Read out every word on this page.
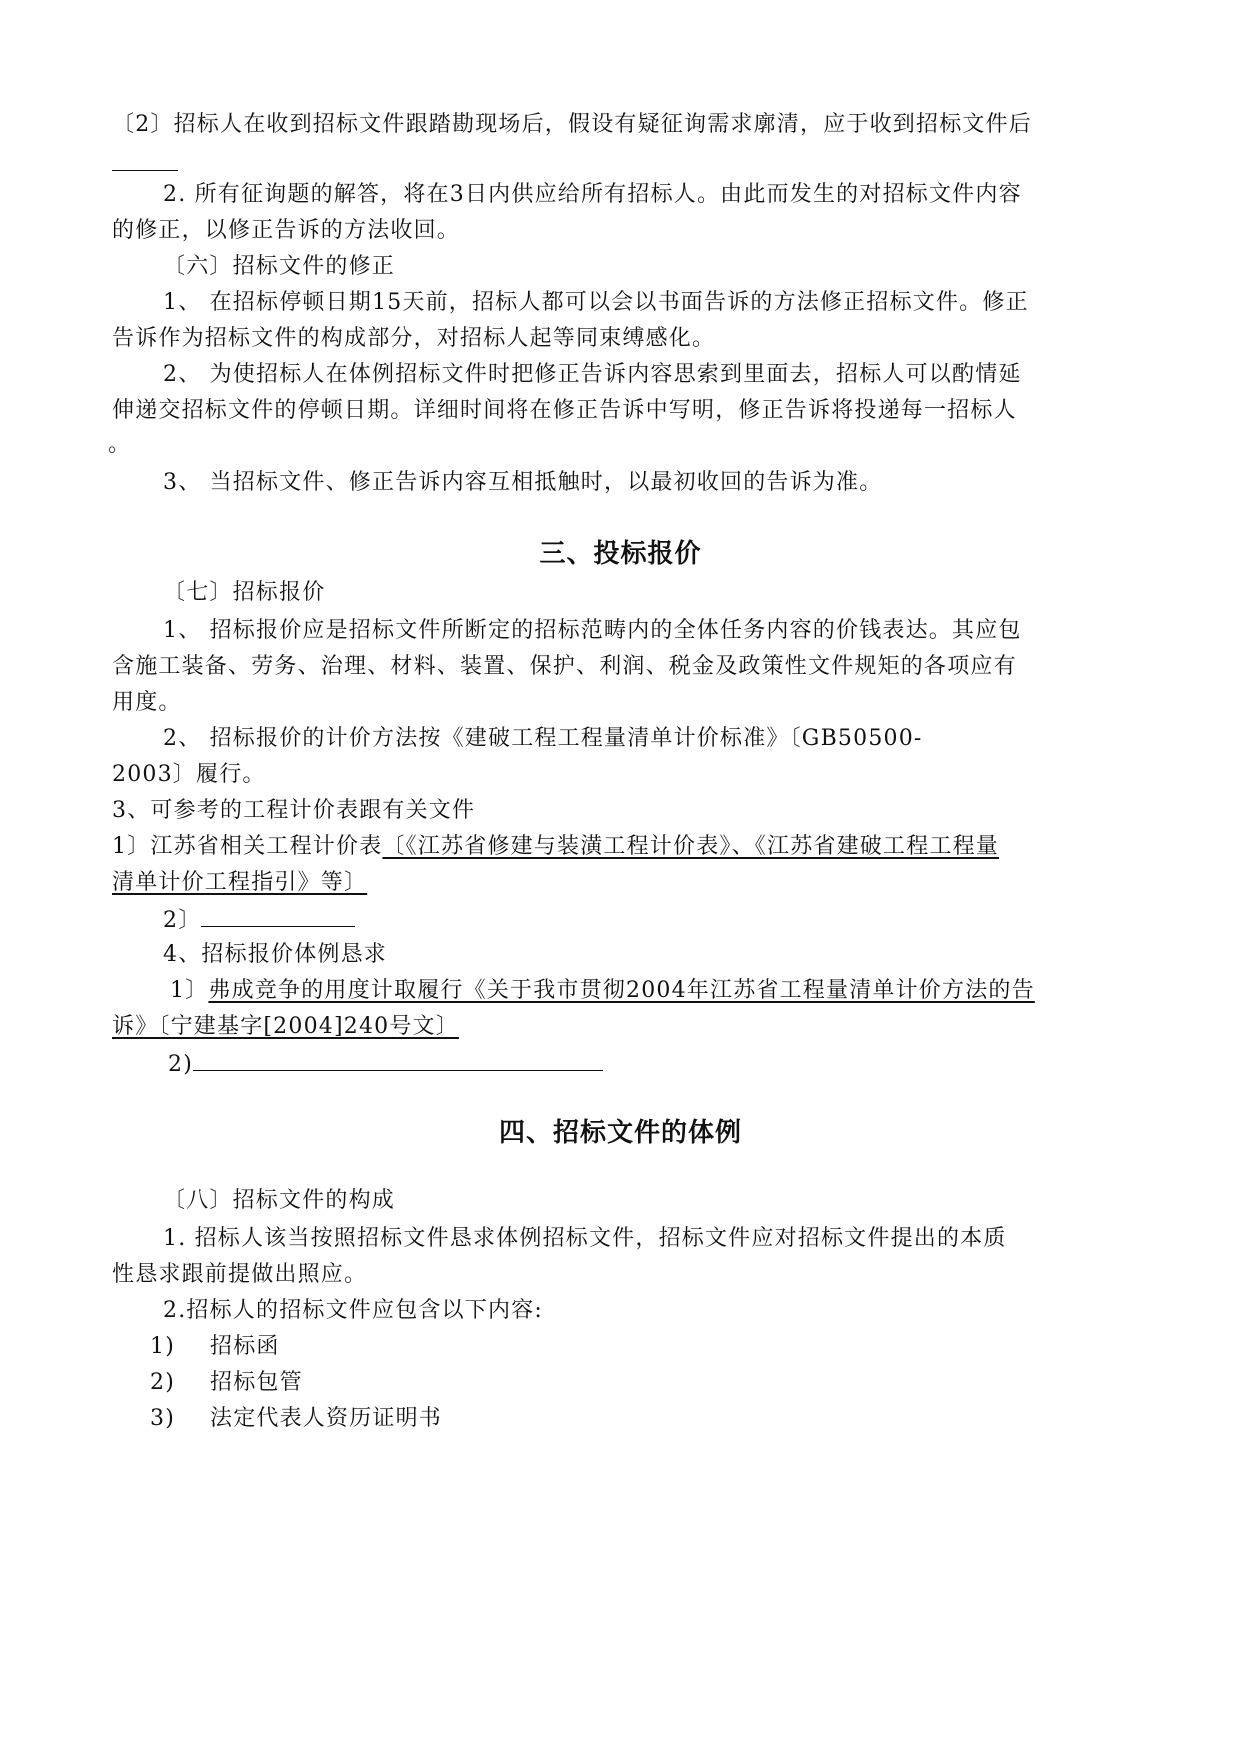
〔2〕招标人在收到招标文件跟踏勘现场后，假设有疑征询需求廓清，应于收到招标文件后
2. 所有征询题的解答，将在3日内供应给所有招标人。由此而发生的对招标文件内容
的修正，以修正告诉的方法收回。
〔六〕招标文件的修正
1、 在招标停顿日期15天前，招标人都可以会以书面告诉的方法修正招标文件。修正
告诉作为招标文件的构成部分，对招标人起等同束缚感化。
2、 为使招标人在体例招标文件时把修正告诉内容思索到里面去，招标人可以酌情延
伸递交招标文件的停顿日期。详细时间将在修正告诉中写明，修正告诉将投递每一招标人
。
3、 当招标文件、修正告诉内容互相抵触时，以最初收回的告诉为准。
三、投标报价
〔七〕招标报价
1、 招标报价应是招标文件所断定的招标范畴内的全体任务内容的价钱表达。其应包
含施工装备、劳务、治理、材料、装置、保护、利润、税金及政策性文件规矩的各项应有
用度。
2、 招标报价的计价方法按《建破工程工程量清单计价标准》〔GB50500-
2003〕履行。
3、可参考的工程计价表跟有关文件
1〕江苏省相关工程计价表〔《江苏省修建与装潢工程计价表》、《江苏省建破工程工程量
清单计价工程指引》等〕
2〕
4、招标报价体例恳求
1〕弗成竞争的用度计取履行《关于我市贯彻2004年江苏省工程量清单计价方法的告
诉》〔宁建基字[2004]240号文〕
2)
四、招标文件的体例
〔八〕招标文件的构成
1. 招标人该当按照招标文件恳求体例招标文件，招标文件应对招标文件提出的本质
性恳求跟前提做出照应。
2.招标人的招标文件应包含以下内容:
1) 招标函
2) 招标包管
3) 法定代表人资历证明书
